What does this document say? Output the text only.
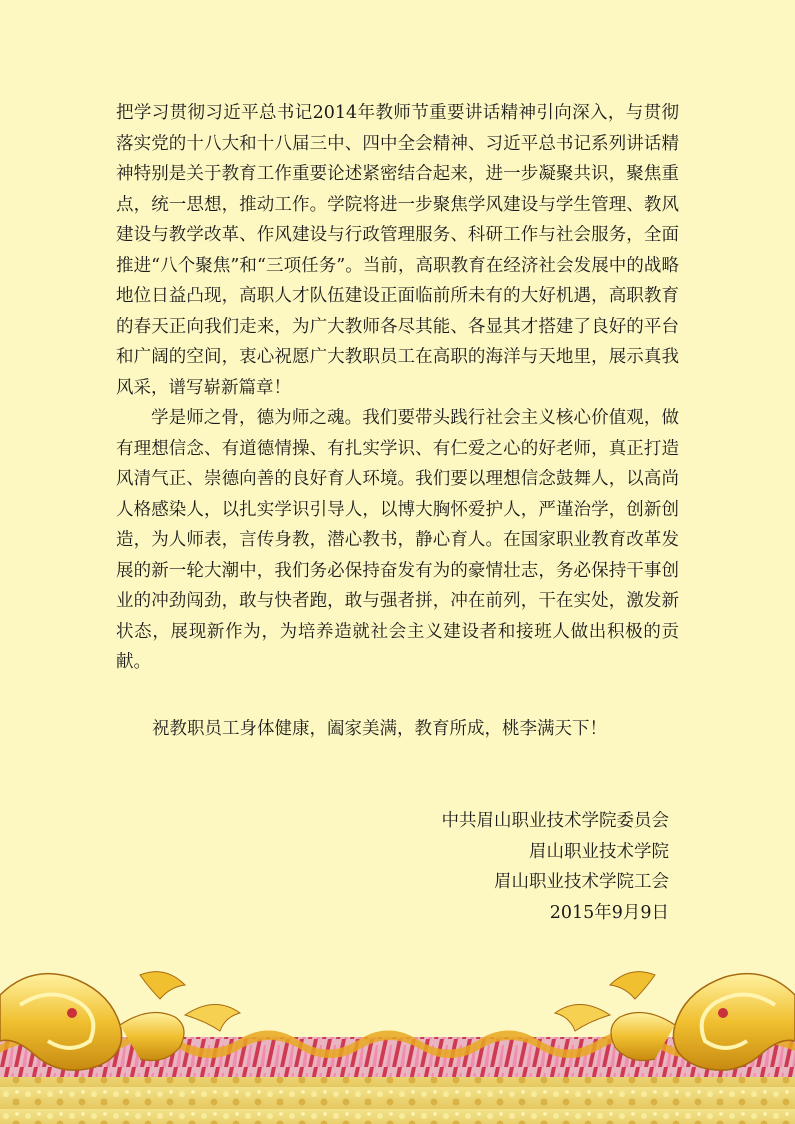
把学习贯彻习近平总书记2014年教师节重要讲话精神引向深入，与贯彻落实党的十八大和十八届三中、四中全会精神、习近平总书记系列讲话精神特别是关于教育工作重要论述紧密结合起来，进一步凝聚共识，聚焦重点，统一思想，推动工作。学院将进一步聚焦学风建设与学生管理、教风建设与教学改革、作风建设与行政管理服务、科研工作与社会服务，全面推进“八个聚焦”和“三项任务”。当前，高职教育在经济社会发展中的战略地位日益凸现，高职人才队伍建设正面临前所未有的大好机遇，高职教育的春天正向我们走来，为广大教师各尽其能、各显其才搭建了良好的平台和广阔的空间，衷心祝愿广大教职员工在高职的海洋与天地里，展示真我风采，谱写崭新篇章！

学是师之骨，德为师之魂。我们要带头践行社会主义核心价值观，做有理想信念、有道德情操、有扎实学识、有仁爱之心的好老师，真正打造风清气正、崇德向善的良好育人环境。我们要以理想信念鼓舞人，以高尚人格感染人，以扎实学识引导人，以博大胸怀爱护人，严谨治学，创新创造，为人师表，言传身教，潜心教书，静心育人。在国家职业教育改革发展的新一轮大潮中，我们务必保持奋发有为的豪情壮志，务必保持干事创业的冲劲闯劲，敢与快者跑，敢与强者拼，冲在前列，干在实处，激发新状态，展现新作为，为培养造就社会主义建设者和接班人做出积极的贡献。

祝教职员工身体健康，阖家美满，教育所成，桃李满天下！

中共眉山职业技术学院委员会
眉山职业技术学院
眉山职业技术学院工会
2015年9月9日
